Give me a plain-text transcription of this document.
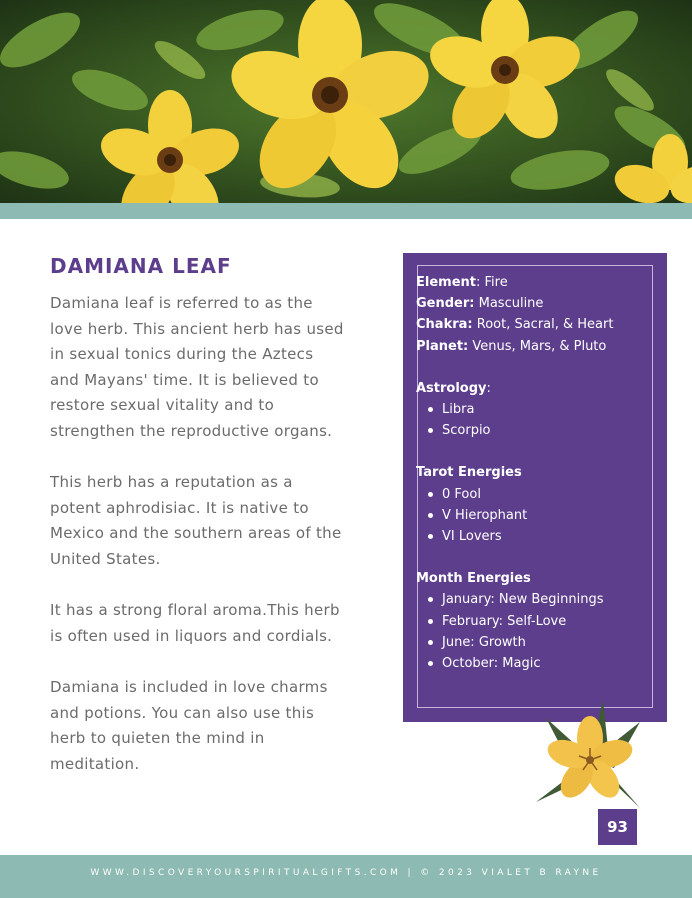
DAMIANA LEAF

Damiana leaf is referred to as the
love herb. This ancient herb has used
in sexual tonics during the Aztecs
and Mayans' time. It is believed to
restore sexual vitality and to
strengthen the reproductive organs.

This herb has a reputation as a
potent aphrodisiac. It is native to
Mexico and the southern areas of the
United States.

It has a strong floral aroma.This herb
is often used in liquors and cordials.

Damiana is included in love charms
and potions. You can also use this
herb to quieten the mind in
meditation.

Element: Fire
Gender: Masculine
Chakra: Root, Sacral, & Heart
Planet: Venus, Mars, & Pluto
Astrology:
Libra
Scorpio
Tarot Energies
0 Fool
V Hierophant
VI Lovers
Month Energies
January: New Beginnings
February: Self-Love
June: Growth
October: Magic
93
WWW.DISCOVERYOURSPIRITUALGIFTS.COM | © 2023 VIALET B RAYNE
